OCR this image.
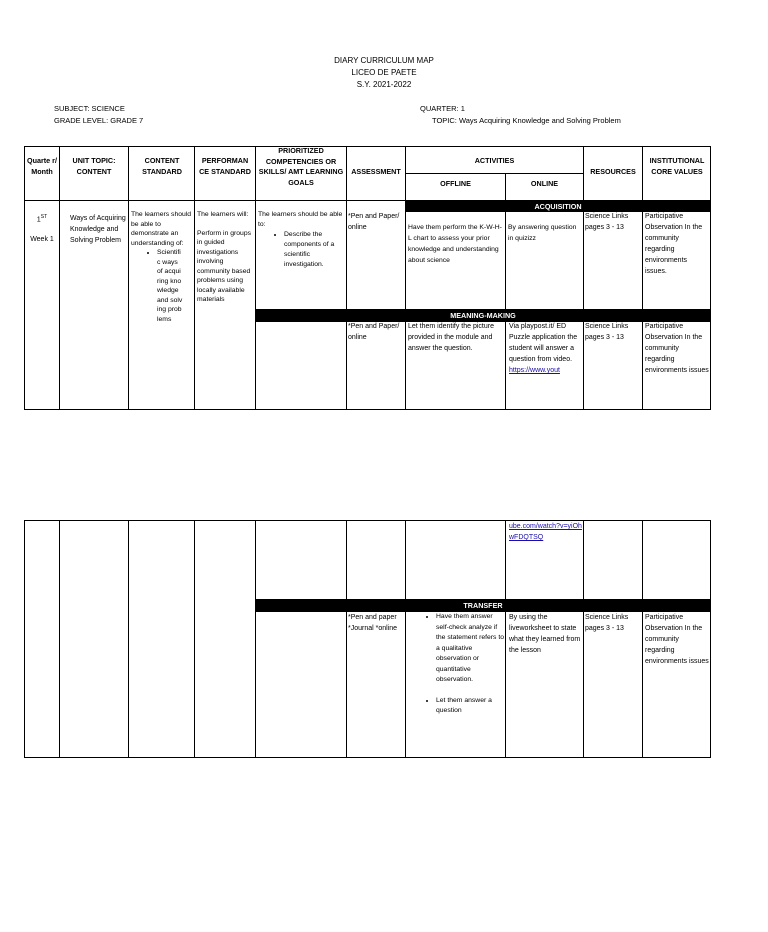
DIARY CURRICULUM MAP
LICEO DE PAETE
S.Y. 2021-2022
SUBJECT: SCIENCE
GRADE LEVEL: GRADE 7
QUARTER: 1
TOPIC: Ways Acquiring Knowledge and Solving Problem
Quarte r/ Month
UNIT TOPIC: CONTENT
CONTENT STANDARD
PERFORMAN CE STANDARD
PRIORITIZED COMPETENCIES OR SKILLS/ AMT LEARNING GOALS
ASSESSMENT
ACTIVITIES
OFFLINE	ONLINE
RESOURCES
INSTITUTIONAL CORE VALUES
ACQUISITION
MEANING-MAKING
1ST
Week 1
Ways of Acquiring Knowledge and Solving Problem
The learners should be able to demonstrate an understanding of:
• Scientific ways of acquiring knowledge and solving problems
The learners will:
Perform in groups in guided investigations involving community based problems using locally available materials
The learners should be able to:
• Describe the components of a scientific investigation.
*Pen and Paper/ online	Have them perform the K-W-H-L chart to assess your prior knowledge and understanding about science
By answering question in quizizz
Science Links pages 3 - 13
Participative Observation In the community regarding environments issues.
*Pen and Paper/ online
Let them identify the picture provided in the module and answer the question.
Via playpost.it/ ED Puzzle application the student will answer a question from video.
https://www.yout
Science Links pages 3 - 13
Participative Observation In the community regarding environments issues
ube.com/watch?v=yiOhwFDQTSQ
TRANSFER
*Pen and paper *Journal *online
• Have them answer self-check analyze if the statement refers to a qualitative observation or quantitative observation.
• Let them answer a question
By using the liveworksheet to state what they learned from the lesson
Science Links pages 3 - 13
Participative Observation In the community regarding environments issues
